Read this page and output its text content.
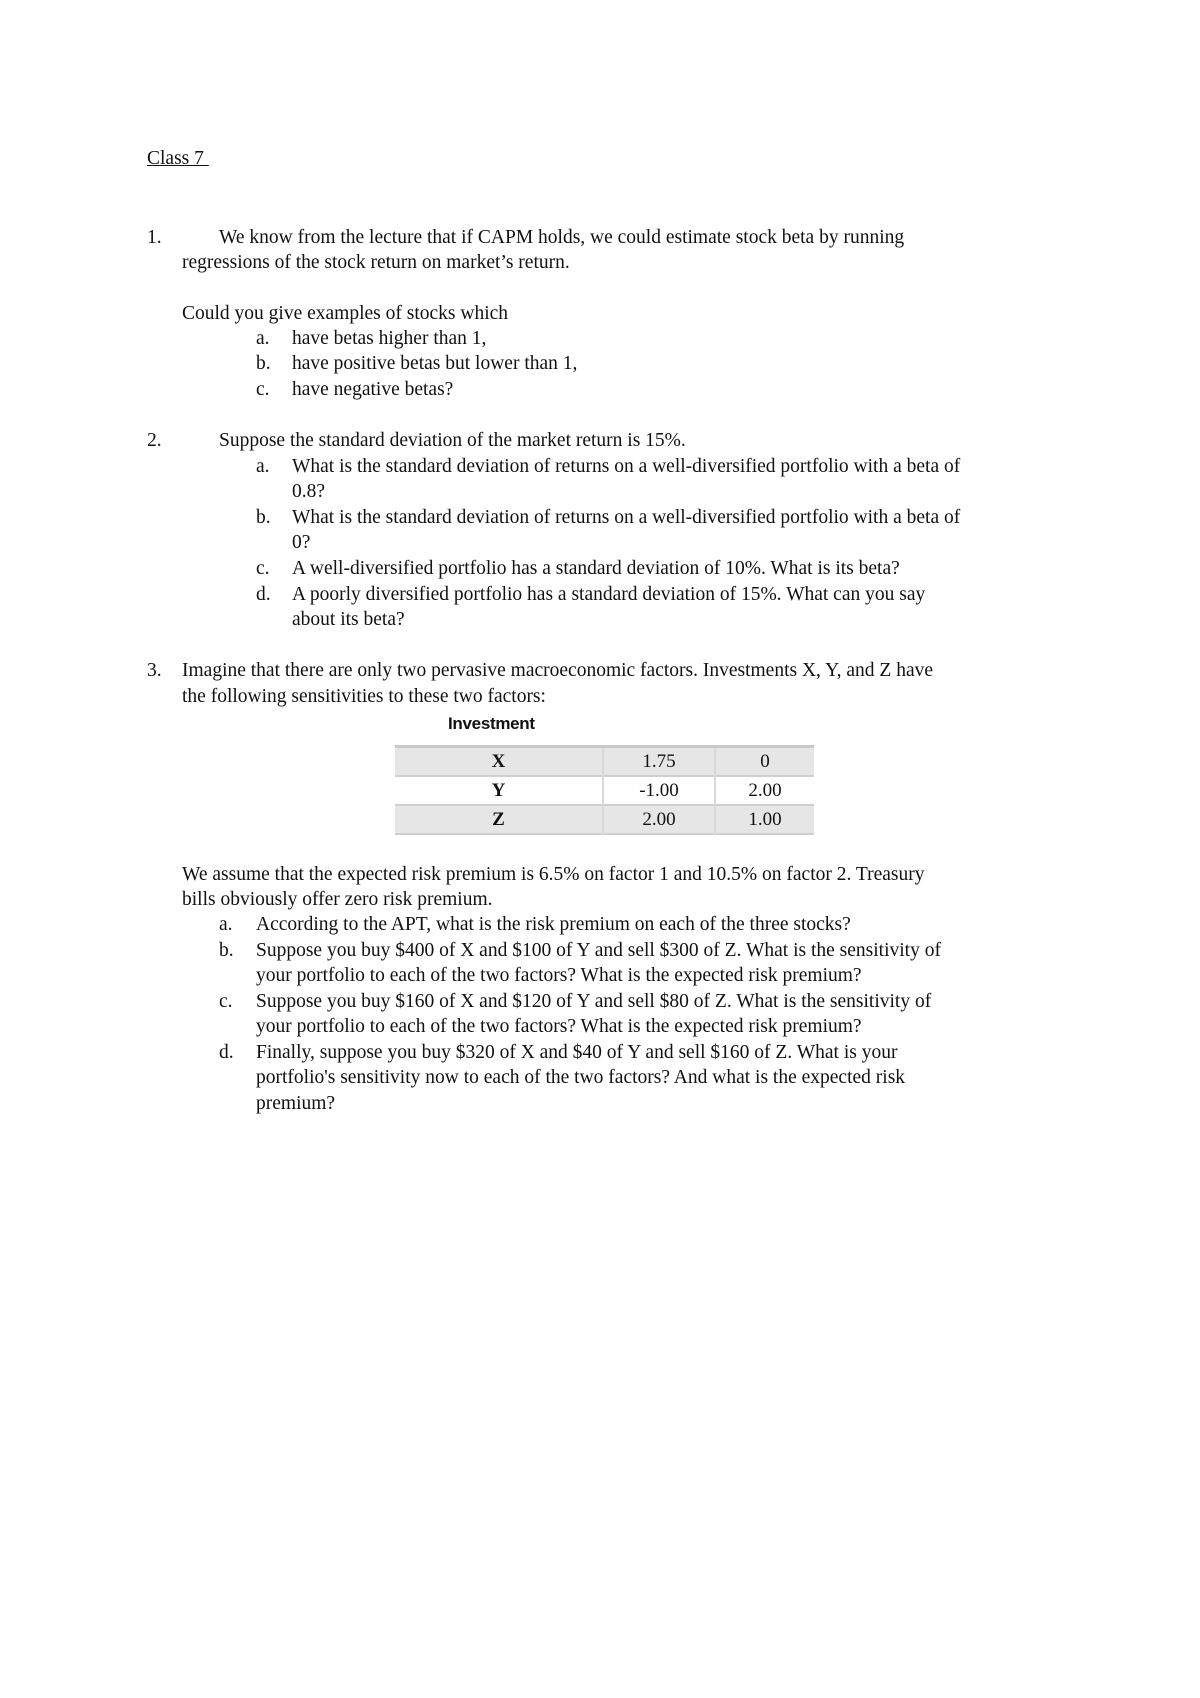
Class 7
1.	We know from the lecture that if CAPM holds, we could estimate stock beta by running
regressions of the stock return on market’s return.
Could you give examples of stocks which
a. have betas higher than 1,
b. have positive betas but lower than 1,
c. have negative betas?
2.	Suppose the standard deviation of the market return is 15%.
a. What is the standard deviation of returns on a well-diversified portfolio with a beta of
0.8?
b. What is the standard deviation of returns on a well-diversified portfolio with a beta of
0?
c. A well-diversified portfolio has a standard deviation of 10%. What is its beta?
d. A poorly diversified portfolio has a standard deviation of 15%. What can you say
about its beta?
3. Imagine that there are only two pervasive macroeconomic factors. Investments X, Y, and Z have
the following sensitivities to these two factors:
Investment
X	1.75	0
Y	-1.00	2.00
Z	2.00	1.00
We assume that the expected risk premium is 6.5% on factor 1 and 10.5% on factor 2. Treasury
bills obviously offer zero risk premium.
a. According to the APT, what is the risk premium on each of the three stocks?
b. Suppose you buy $400 of X and $100 of Y and sell $300 of Z. What is the sensitivity of
your portfolio to each of the two factors? What is the expected risk premium?
c. Suppose you buy $160 of X and $120 of Y and sell $80 of Z. What is the sensitivity of
your portfolio to each of the two factors? What is the expected risk premium?
d. Finally, suppose you buy $320 of X and $40 of Y and sell $160 of Z. What is your
portfolio's sensitivity now to each of the two factors? And what is the expected risk
premium?
